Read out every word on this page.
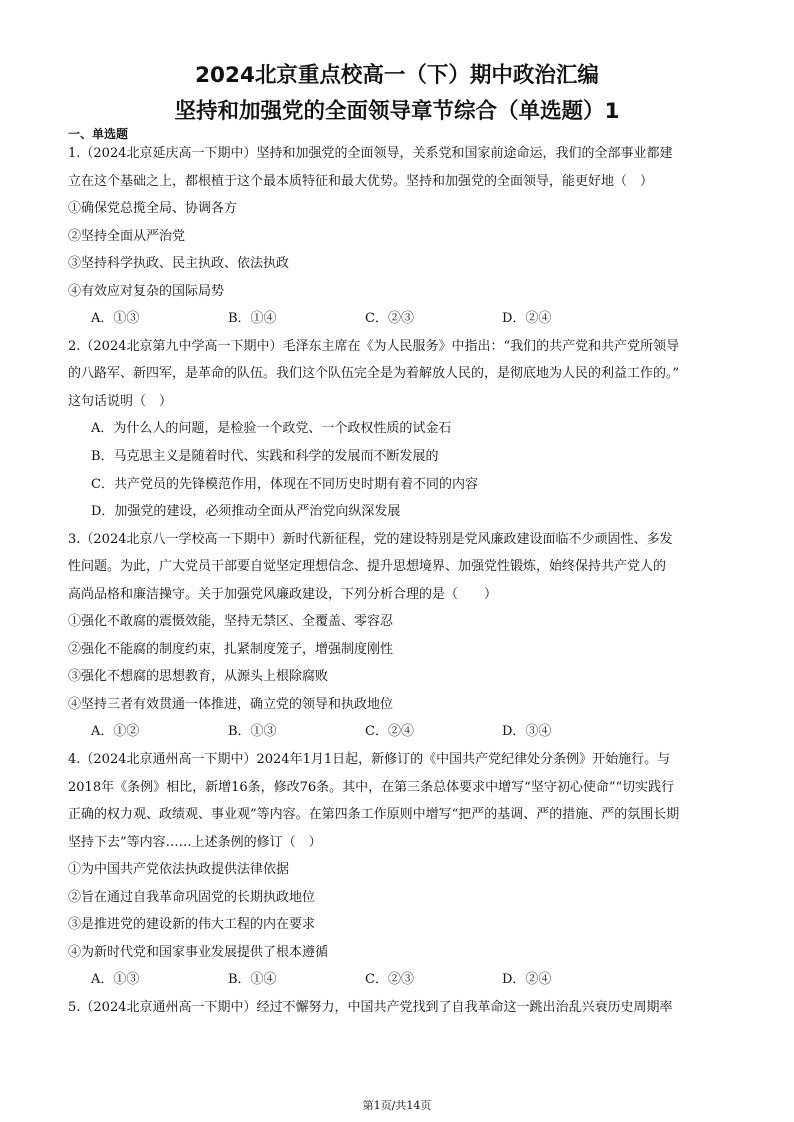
2024北京重点校高一（下）期中政治汇编
坚持和加强党的全面领导章节综合（单选题）1
一、单选题
1.（2024北京延庆高一下期中）坚持和加强党的全面领导，关系党和国家前途命运，我们的全部事业都建
立在这个基础之上，都根植于这个最本质特征和最大优势。坚持和加强党的全面领导，能更好地（　）
①确保党总揽全局、协调各方
②坚持全面从严治党
③坚持科学执政、民主执政、依法执政
④有效应对复杂的国际局势
A．①③	B．①④	C．②③	D．②④
2.（2024北京第九中学高一下期中）毛泽东主席在《为人民服务》中指出：“我们的共产党和共产党所领导
的八路军、新四军，是革命的队伍。我们这个队伍完全是为着解放人民的，是彻底地为人民的利益工作的。”
这句话说明（　）
A．为什么人的问题，是检验一个政党、一个政权性质的试金石
B．马克思主义是随着时代、实践和科学的发展而不断发展的
C．共产党员的先锋模范作用，体现在不同历史时期有着不同的内容
D．加强党的建设，必须推动全面从严治党向纵深发展
3.（2024北京八一学校高一下期中）新时代新征程，党的建设特别是党风廉政建设面临不少顽固性、多发
性问题。为此，广大党员干部要自觉坚定理想信念、提升思想境界、加强党性锻炼，始终保持共产党人的
高尚品格和廉洁操守。关于加强党风廉政建设，下列分析合理的是（　　）
①强化不敢腐的震慑效能，坚持无禁区、全覆盖、零容忍
②强化不能腐的制度约束，扎紧制度笼子，增强制度刚性
③强化不想腐的思想教育，从源头上根除腐败
④坚持三者有效贯通一体推进，确立党的领导和执政地位
A．①②	B．①③	C．②④	D．③④
4.（2024北京通州高一下期中）2024年1月1日起，新修订的《中国共产党纪律处分条例》开始施行。与
2018年《条例》相比，新增16条，修改76条。其中，在第三条总体要求中增写“坚守初心使命”“切实践行
正确的权力观、政绩观、事业观”等内容。在第四条工作原则中增写“把严的基调、严的措施、严的氛围长期
坚持下去”等内容……上述条例的修订（　）
①为中国共产党依法执政提供法律依据
②旨在通过自我革命巩固党的长期执政地位
③是推进党的建设新的伟大工程的内在要求
④为新时代党和国家事业发展提供了根本遵循
A．①③	B．①④	C．②③	D．②④
5.（2024北京通州高一下期中）经过不懈努力，中国共产党找到了自我革命这一跳出治乱兴衰历史周期率
第1页/共14页
